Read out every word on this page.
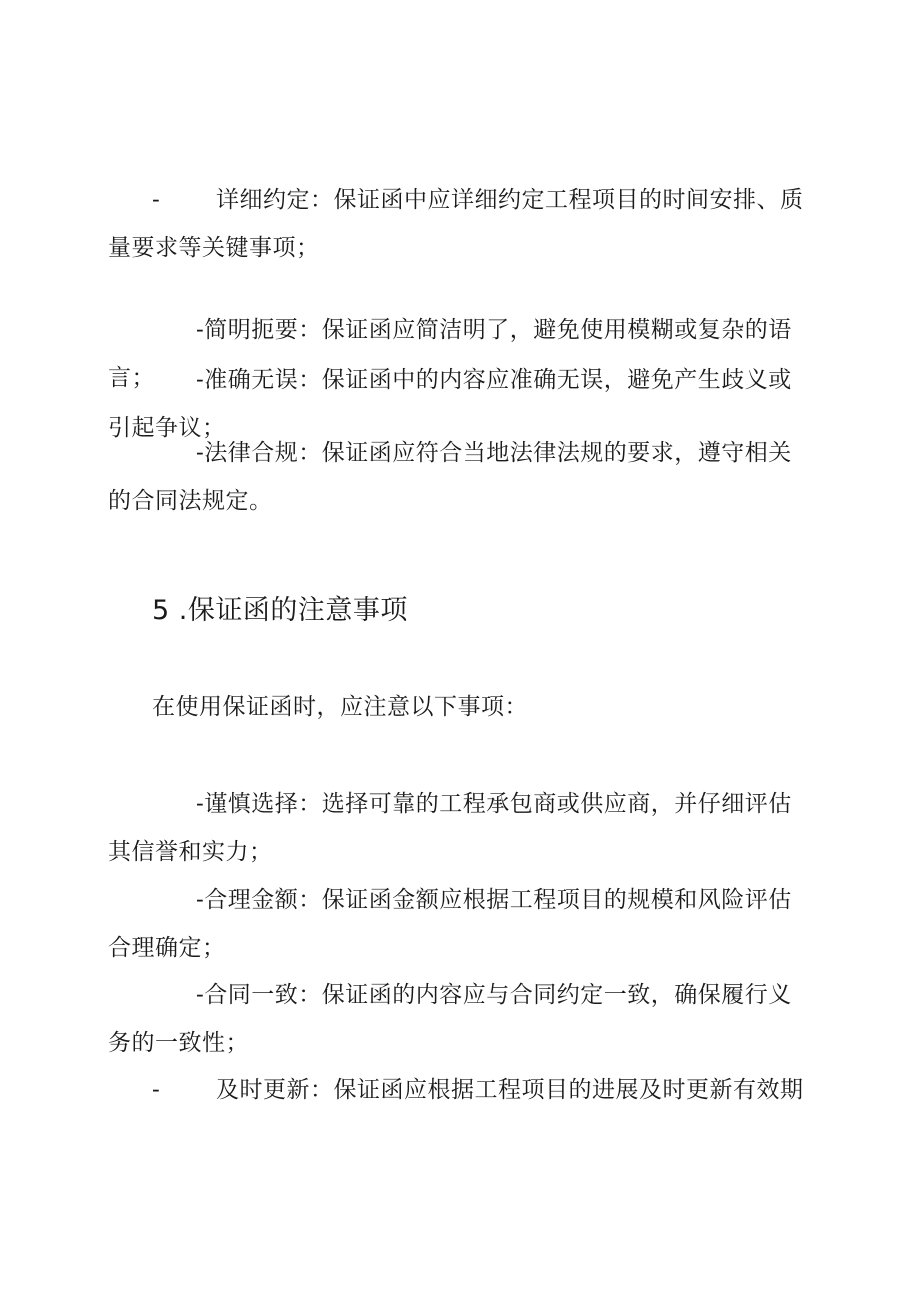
- 详细约定：保证函中应详细约定工程项目的时间安排、质量要求等关键事项；

-简明扼要：保证函应简洁明了，避免使用模糊或复杂的语言；	-准确无误：保证函中的内容应准确无误，避免产生歧义或引起争议；

-法律合规：保证函应符合当地法律法规的要求，遵守相关的合同法规定。

5 .保证函的注意事项

在使用保证函时，应注意以下事项：

-谨慎选择：选择可靠的工程承包商或供应商，并仔细评估其信誉和实力；

-合理金额：保证函金额应根据工程项目的规模和风险评估合理确定；

-合同一致：保证函的内容应与合同约定一致，确保履行义务的一致性；

- 及时更新：保证函应根据工程项目的进展及时更新有效期
